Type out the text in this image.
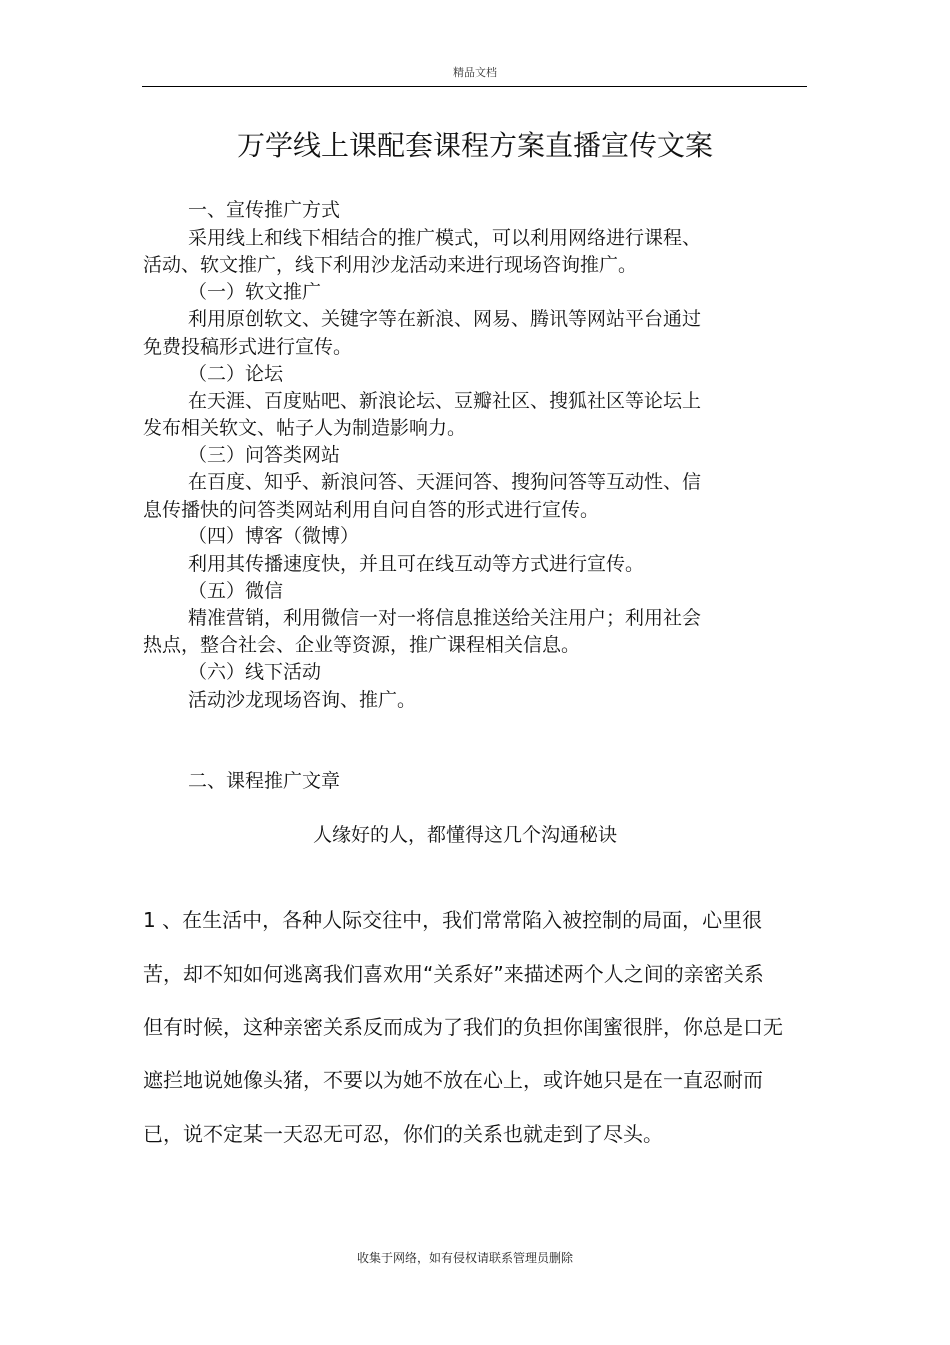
精品文档
万学线上课配套课程方案直播宣传文案
一、宣传推广方式
采用线上和线下相结合的推广模式，可以利用网络进行课程、
活动、软文推广，线下利用沙龙活动来进行现场咨询推广。
（一）软文推广
利用原创软文、关键字等在新浪、网易、腾讯等网站平台通过
免费投稿形式进行宣传。
（二）论坛
在天涯、百度贴吧、新浪论坛、豆瓣社区、搜狐社区等论坛上
发布相关软文、帖子人为制造影响力。
（三）问答类网站
在百度、知乎、新浪问答、天涯问答、搜狗问答等互动性、信
息传播快的问答类网站利用自问自答的形式进行宣传。
（四）博客（微博）
利用其传播速度快，并且可在线互动等方式进行宣传。
（五）微信
精准营销，利用微信一对一将信息推送给关注用户；利用社会
热点，整合社会、企业等资源，推广课程相关信息。
（六）线下活动
活动沙龙现场咨询、推广。
二、课程推广文章
人缘好的人，都懂得这几个沟通秘诀
1 、在生活中，各种人际交往中，我们常常陷入被控制的局面，心里很
苦，却不知如何逃离我们喜欢用“关系好”来描述两个人之间的亲密关系
但有时候，这种亲密关系反而成为了我们的负担你闺蜜很胖，你总是口无
遮拦地说她像头猪，不要以为她不放在心上，或许她只是在一直忍耐而
已，说不定某一天忍无可忍，你们的关系也就走到了尽头。
收集于网络，如有侵权请联系管理员删除
